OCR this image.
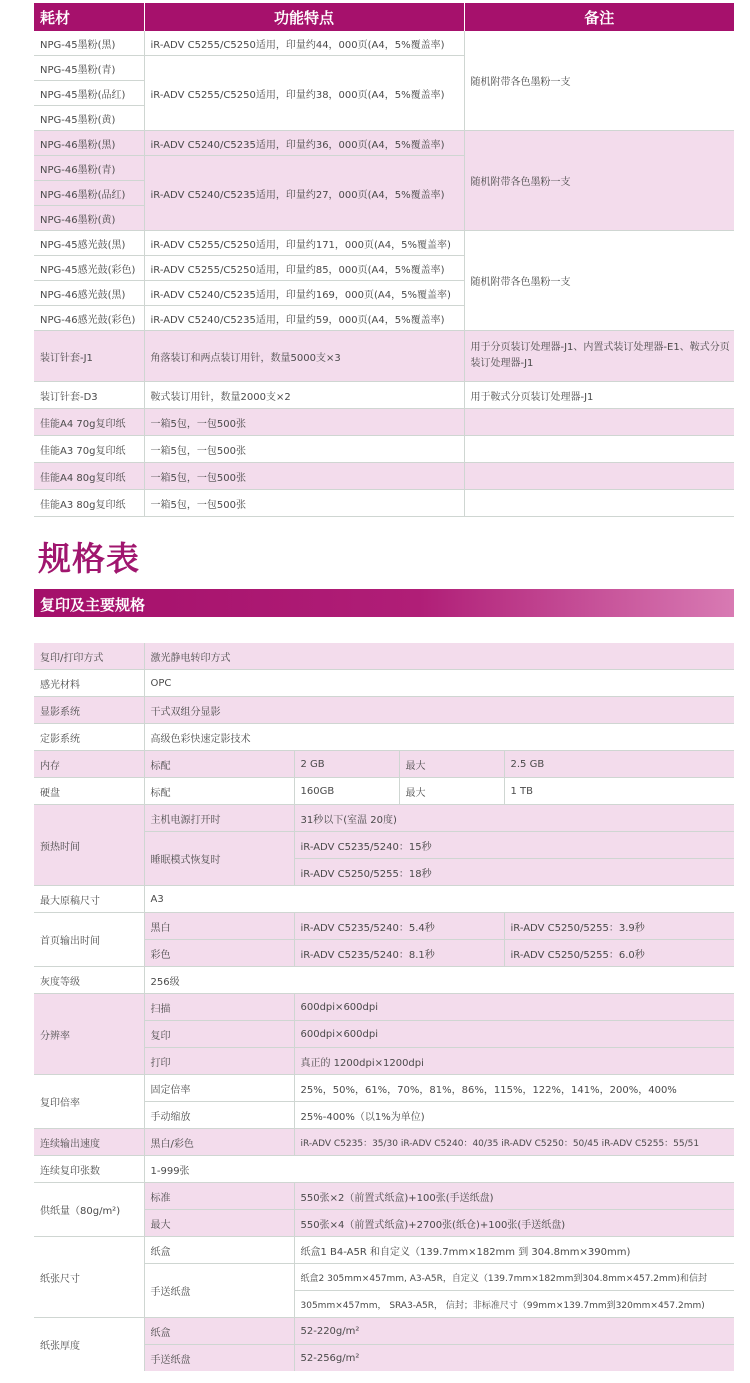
耗材	功能特点	备注
NPG-45墨粉(黑)	iR-ADV C5255/C5250适用，印量约44，000页(A4，5%覆盖率)	随机附带各色墨粉一支
NPG-45墨粉(青)	iR-ADV C5255/C5250适用，印量约38，000页(A4，5%覆盖率)	
NPG-45墨粉(品红)		
NPG-45墨粉(黄)		
NPG-46墨粉(黑)	iR-ADV C5240/C5235适用，印量约36，000页(A4，5%覆盖率)	随机附带各色墨粉一支
NPG-46墨粉(青)	iR-ADV C5240/C5235适用，印量约27，000页(A4，5%覆盖率)	
NPG-46墨粉(品红)		
NPG-46墨粉(黄)		
NPG-45感光鼓(黑)	iR-ADV C5255/C5250适用，印量约171，000页(A4，5%覆盖率)	随机附带各色墨粉一支
NPG-45感光鼓(彩色)	iR-ADV C5255/C5250适用，印量约85，000页(A4，5%覆盖率)	
NPG-46感光鼓(黑)	iR-ADV C5240/C5235适用，印量约169，000页(A4，5%覆盖率)	
NPG-46感光鼓(彩色)	iR-ADV C5240/C5235适用，印量约59，000页(A4，5%覆盖率)	
装订针套-J1	角落装订和两点装订用针，数量5000支×3	用于分页装订处理器-J1、内置式装订处理器-E1、鞍式分页装订处理器-J1
装订针套-D3	鞍式装订用针，数量2000支×2	用于鞍式分页装订处理器-J1
佳能A4 70g复印纸	一箱5包，一包500张	
佳能A3 70g复印纸	一箱5包，一包500张	
佳能A4 80g复印纸	一箱5包，一包500张	
佳能A3 80g复印纸	一箱5包，一包500张	
规格表
复印及主要规格
复印/打印方式	激光静电转印方式			
感光材料	OPC			
显影系统	干式双组分显影			
定影系统	高级色彩快速定影技术			
内存	标配	2 GB	最大	2.5 GB
硬盘	标配	160GB	最大	1 TB
预热时间	主机电源打开时	31秒以下(室温 20度)		
	睡眠模式恢复时	iR-ADV C5235/5240：15秒		
		iR-ADV C5250/5255：18秒		
最大原稿尺寸	A3			
首页输出时间	黑白	iR-ADV C5235/5240：5.4秒		iR-ADV C5250/5255：3.9秒
	彩色	iR-ADV C5235/5240：8.1秒		iR-ADV C5250/5255：6.0秒
灰度等级	256级			
分辨率	扫描	600dpi×600dpi		
	复印	600dpi×600dpi		
	打印	真正的 1200dpi×1200dpi		
复印倍率	固定倍率	25%，50%，61%，70%，81%，86%，115%，122%，141%，200%，400%		
	手动缩放	25%-400%（以1%为单位)		
连续输出速度	黑白/彩色	iR-ADV C5235：35/30 iR-ADV C5240：40/35 iR-ADV C5250：50/45 iR-ADV C5255：55/51		
连续复印张数	1-999张			
供纸量（80g/m²)	标准	550张×2（前置式纸盒)+100张(手送纸盘)		
	最大	550张×4（前置式纸盒)+2700张(纸仓)+100张(手送纸盘)		
纸张尺寸	纸盒	纸盒1 B4-A5R 和自定义（139.7mm×182mm 到 304.8mm×390mm)		
	手送纸盘	纸盒2 305mm×457mm, A3-A5R，自定义（139.7mm×182mm到304.8mm×457.2mm)和信封		
		305mm×457mm， SRA3-A5R， 信封；非标准尺寸（99mm×139.7mm到320mm×457.2mm)		
纸张厚度	纸盒	52-220g/m²		
	手送纸盘	52-256g/m²		
